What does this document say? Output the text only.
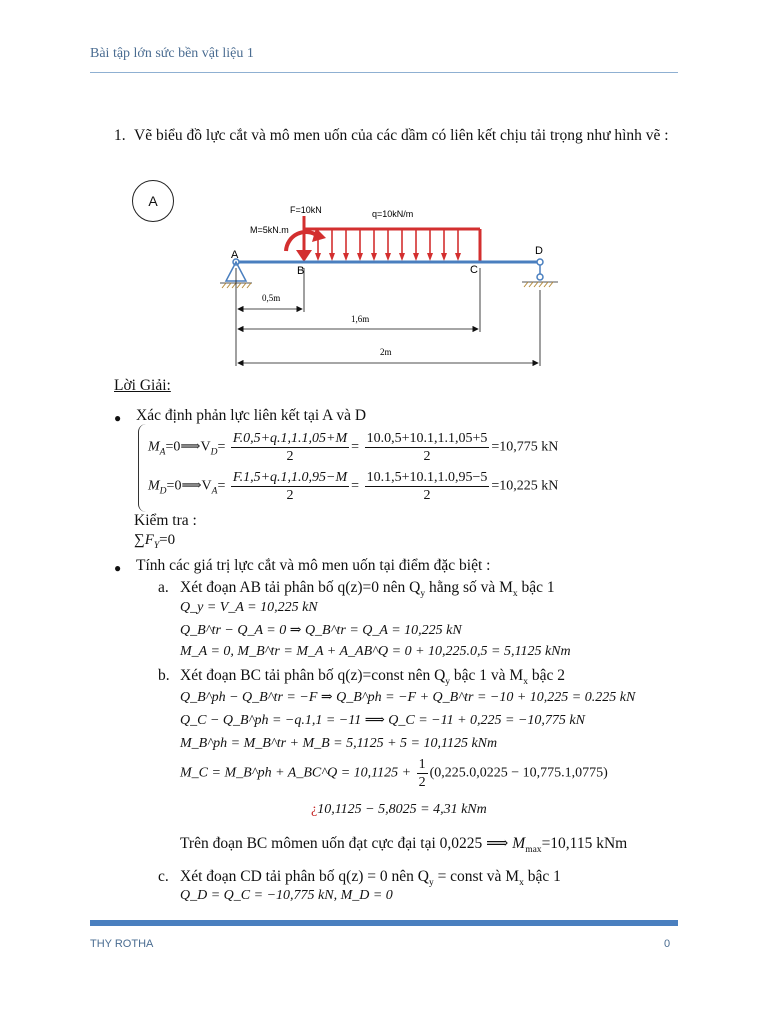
Bài tập lớn sức bền vật liệu 1
1. Vẽ biểu đồ lực cắt và mô men uốn của các dầm có liên kết chịu tải trọng như hình vẽ :
A
F=10kN
M=5kN.m
q=10kN/m
A
B	C
D
0,5m
1,6m
2m
Lời Giải:
● Xác định phản lực liên kết tại A và D
$M_A=0⟹V_D= \frac{F.0,5+q.1,1.1,05+M}{2} = \frac{10.0,5+10.1,1.1,05+5}{2} =10,775$ kN
$M_D=0⟹V_A= \frac{F.1,5+q.1,1.0,95-M}{2} = \frac{10.1,5+10.1,1.0,95-5}{2} =10,225$ kN
Kiểm tra :
$\sum F_Y=0$
● Tính các giá trị lực cắt và mô men uốn tại điểm đặc biệt :
a. Xét đoạn AB tải phân bố q(z)=0 nên $Q_y$ hằng số và $M_x$ bậc 1
Q_y = V_A = 10,225 kN
Q_B^tr − Q_A = 0 ⇒ Q_B^tr = Q_A = 10,225 kN
M_A = 0, M_B^tr = M_A + A_AB^Q = 0 + 10,225.0,5 = 5,1125 kNm
b. Xét đoạn BC tải phân bố q(z)=const nên $Q_y$ bậc 1 và $M_x$ bậc 2
Q_B^ph − Q_B^tr = −F ⇒ Q_B^ph = −F + Q_B^tr = −10 + 10,225 = 0.225 kN
Q_C − Q_B^ph = −q.1,1 = −11 ⟹ Q_C = −11 + 0,225 = −10,775 kN
M_B^ph = M_B^tr + M_B = 5,1125 + 5 = 10,1125 kNm
M_C = M_B^ph + A_BC^Q = $10,1125 + \frac{1}{2} (0,225.0,0225 - 10,775.1,0775)$
¿10,1125 − 5,8025 = 4,31 kNm
Trên đoạn BC mômen uốn đạt cực đại tại 0,0225 ⟹ $M_{max}=10,115$ kNm
c. Xét đoạn CD tải phân bố q(z) = 0 nên $Q_y$ = const và $M_x$ bậc 1
Q_D = Q_C = −10,775 kN, M_D = 0
THY ROTHA	0
